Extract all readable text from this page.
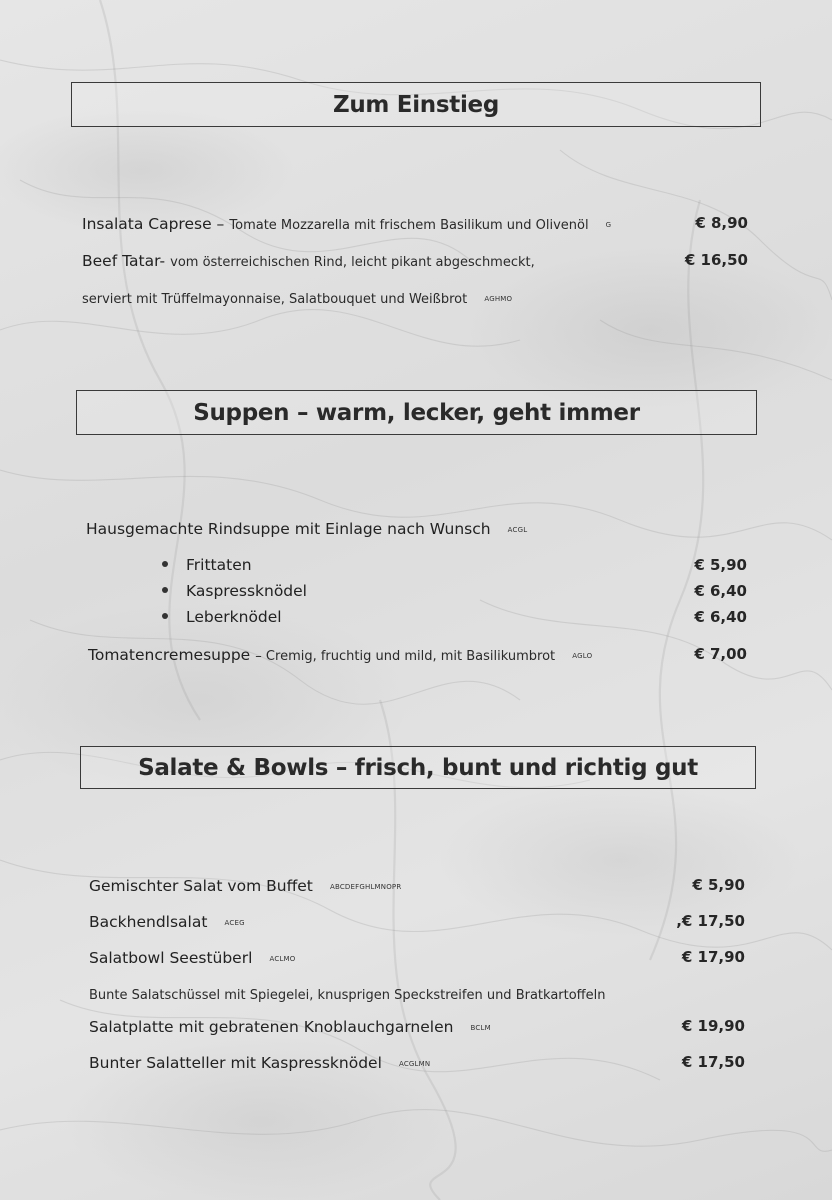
Zum Einstieg
Insalata Caprese – Tomate Mozzarella mit frischem Basilikum und Olivenöl G	€ 8,90
Beef Tatar- vom österreichischen Rind, leicht pikant abgeschmeckt,	€ 16,50
serviert mit Trüffelmayonnaise, Salatbouquet und Weißbrot AGHMO
Suppen – warm, lecker, geht immer
Hausgemachte Rindsuppe mit Einlage nach Wunsch ACGL
Frittaten	€ 5,90
Kaspressknödel	€ 6,40
Leberknödel	€ 6,40
Tomatencremesuppe – Cremig, fruchtig und mild, mit Basilikumbrot AGLO	€ 7,00
Salate & Bowls – frisch, bunt und richtig gut
Gemischter Salat vom Buffet ABCDEFGHLMNOPR	€ 5,90
Backhendlsalat ACEG	,€ 17,50
Salatbowl Seestüberl ACLMO	€ 17,90
Bunte Salatschüssel mit Spiegelei, knusprigen Speckstreifen und Bratkartoffeln
Salatplatte mit gebratenen Knoblauchgarnelen BCLM	€ 19,90
Bunter Salatteller mit Kaspressknödel ACGLMN	€ 17,50
